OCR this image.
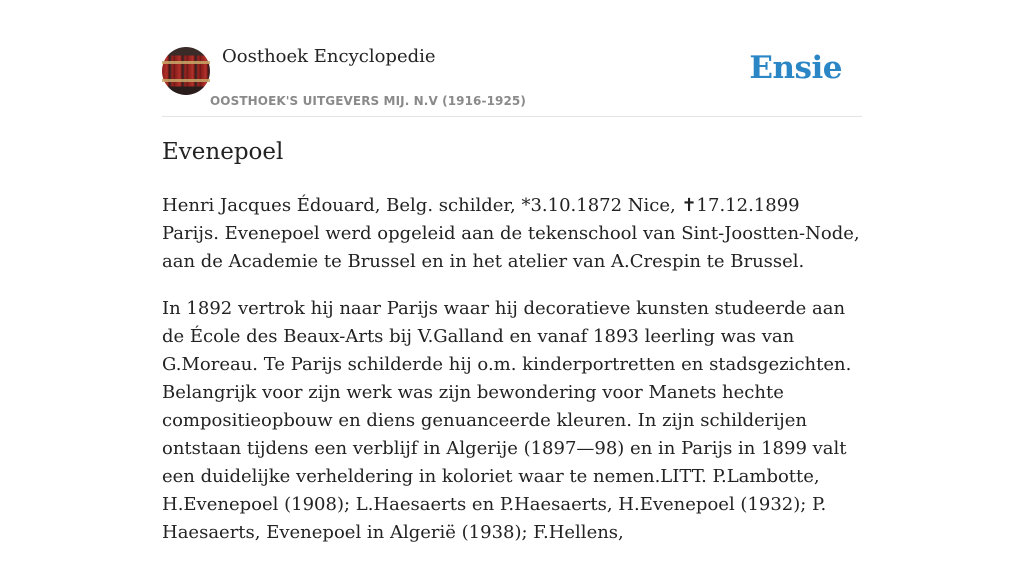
Oosthoek Encyclopedie
OOSTHOEK'S UITGEVERS MIJ. N.V (1916-1925)
Ensie
Evenepoel

Henri Jacques Édouard, Belg. schilder, *3.10.1872 Nice, ✝17.12.1899 Parijs. Evenepoel werd opgeleid aan de tekenschool van Sint-Joostten-Node, aan de Academie te Brussel en in het atelier van A.Crespin te Brussel.

In 1892 vertrok hij naar Parijs waar hij decoratieve kunsten studeerde aan de École des Beaux-Arts bij V.Galland en vanaf 1893 leerling was van G.Moreau. Te Parijs schilderde hij o.m. kinderportretten en stadsgezichten. Belangrijk voor zijn werk was zijn bewondering voor Manets hechte compositieopbouw en diens genuanceerde kleuren. In zijn schilderijen ontstaan tijdens een verblijf in Algerije (1897—98) en in Parijs in 1899 valt een duidelijke verheldering in koloriet waar te nemen.LITT. P.Lambotte, H.Evenepoel (1908); L.Haesaerts en P.Haesaerts, H.Evenepoel (1932); P. Haesaerts, Evenepoel in Algerië (1938); F.Hellens,
